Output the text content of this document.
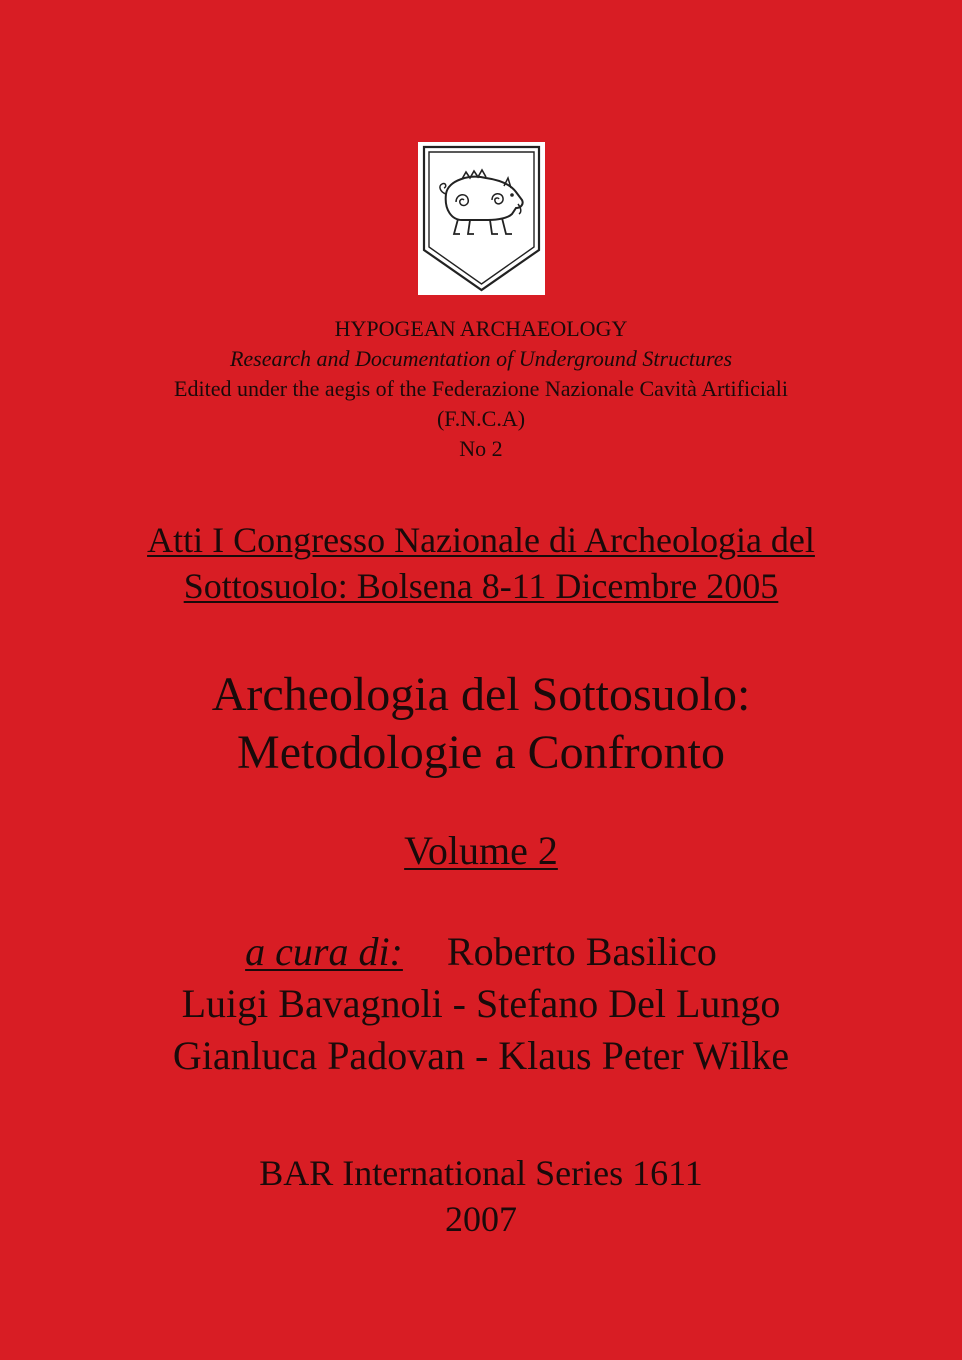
HYPOGEAN ARCHAEOLOGY
Research and Documentation of Underground Structures
Edited under the aegis of the Federazione Nazionale Cavità Artificiali
(F.N.C.A)
No 2
Atti I Congresso Nazionale di Archeologia del
Sottosuolo: Bolsena 8-11 Dicembre 2005
Archeologia del Sottosuolo:
Metodologie a Confronto
Volume 2
a cura di: Roberto Basilico
Luigi Bavagnoli - Stefano Del Lungo
Gianluca Padovan - Klaus Peter Wilke
BAR International Series 1611
2007
